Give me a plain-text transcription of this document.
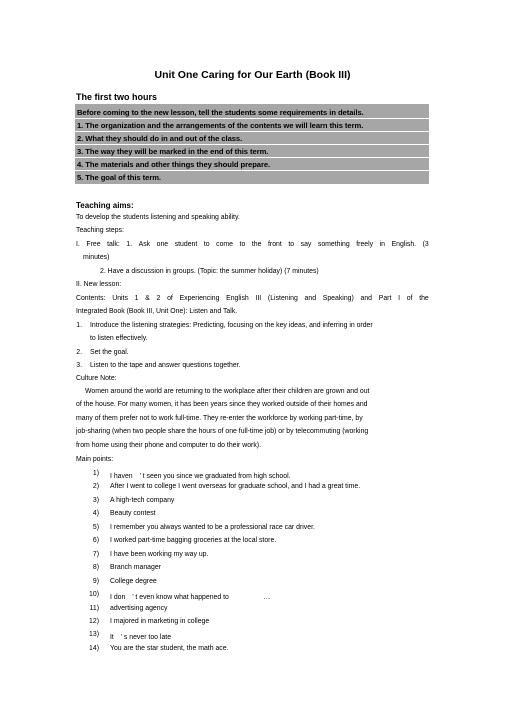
Unit One Caring for Our Earth (Book III)
The first two hours
Before coming to the new lesson, tell the students some requirements in details.
1. The organization and the arrangements of the contents we will learn this term.
2. What they should do in and out of the class.
3. The way they will be marked in the end of this term.
4. The materials and other things they should prepare.
5. The goal of this term.
Teaching aims:
To develop the students listening and speaking ability.
Teaching steps:
I. Free talk: 1. Ask one student to come to the front to say something freely in English. (3
minutes)
2. Have a discussion in groups. (Topic: the summer holiday) (7 minutes)
II. New lesson:
Contents: Units 1 & 2 of Experiencing English III (Listening and Speaking) and Part I of the
Integrated Book (Book III, Unit One): Listen and Talk.
1. Introduce the listening strategies: Predicting, focusing on the key ideas, and inferring in order
to listen effectively.
2. Set the goal.
3. Listen to the tape and answer questions together.
Culture Note:
Women around the world are returning to the workplace after their children are grown and out
of the house. For many women, it has been years since they worked outside of their homes and
many of them prefer not to work full-time. They re-enter the workforce by working part-time, by
job-sharing (when two people share the hours of one full-time job) or by telecommuting (working
from home using their phone and computer to do their work).
Main points:
1) I haven　’ t seen you since we graduated from high school.
2) After I went to college I went overseas for graduate school, and I had a great time.
3) A high-tech company
4) Beauty contest
5) I remember you always wanted to be a professional race car driver.
6) I worked part-time bagging groceries at the local store.
7) I have been working my way up.
8) Branch manager
9) College degree
10) I don　’ t even know what happened to　　　　　…
11) advertising agency
12) I majored in marketing in college
13) It　’ s never too late
14) You are the star student, the math ace.
